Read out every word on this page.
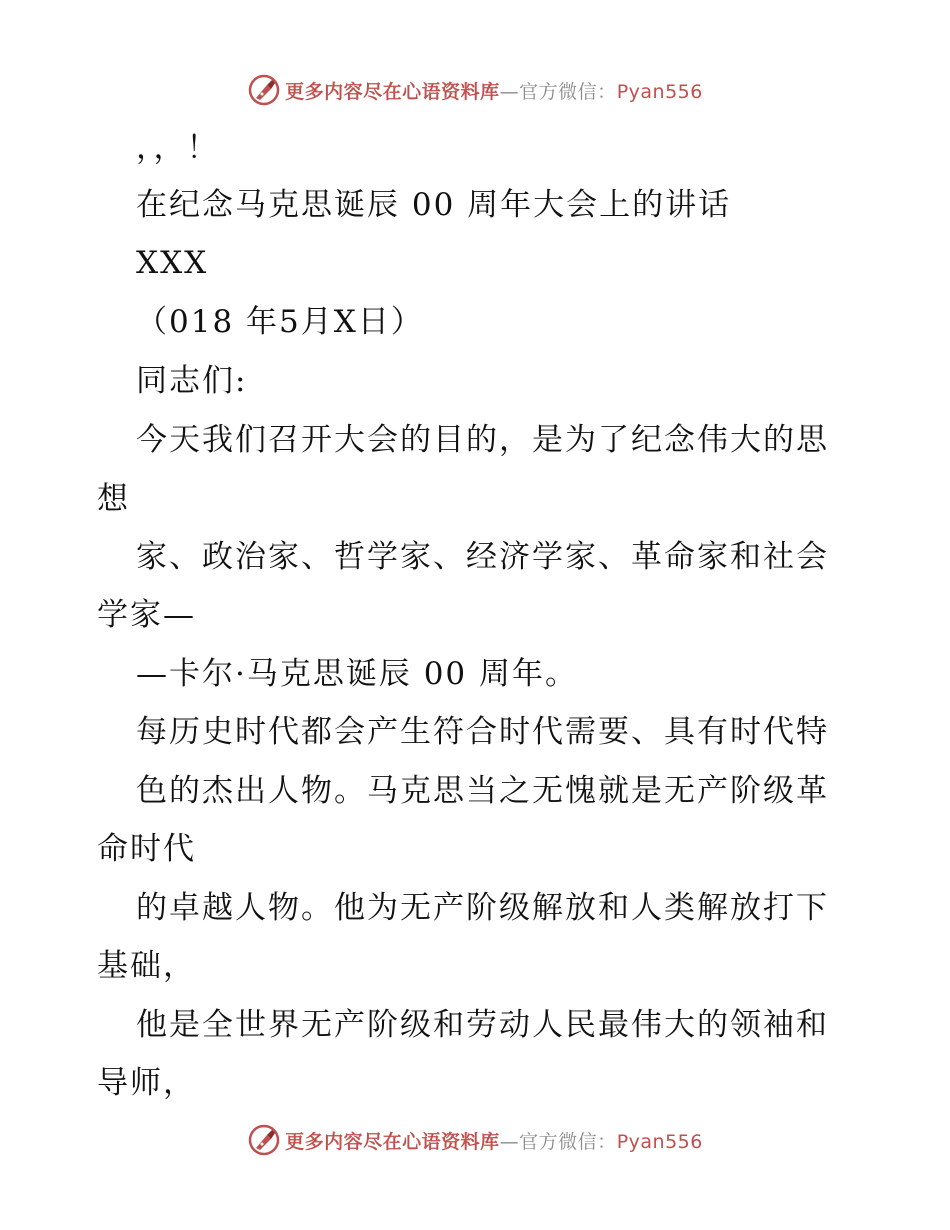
更多内容尽在心语资料库—官方微信：Pyan556
，，！
在纪念马克思诞辰 00 周年大会上的讲话
XXX
（018 年5月X日）
同志们:
今天我们召开大会的目的，是为了纪念伟大的思
想
家、政治家、哲学家、经济学家、革命家和社会
学家—
—卡尔·马克思诞辰 00 周年。
每历史时代都会产生符合时代需要、具有时代特
色的杰出人物。马克思当之无愧就是无产阶级革
命时代
的卓越人物。他为无产阶级解放和人类解放打下
基础，
他是全世界无产阶级和劳动人民最伟大的领袖和
导师，
更多内容尽在心语资料库—官方微信：Pyan556
